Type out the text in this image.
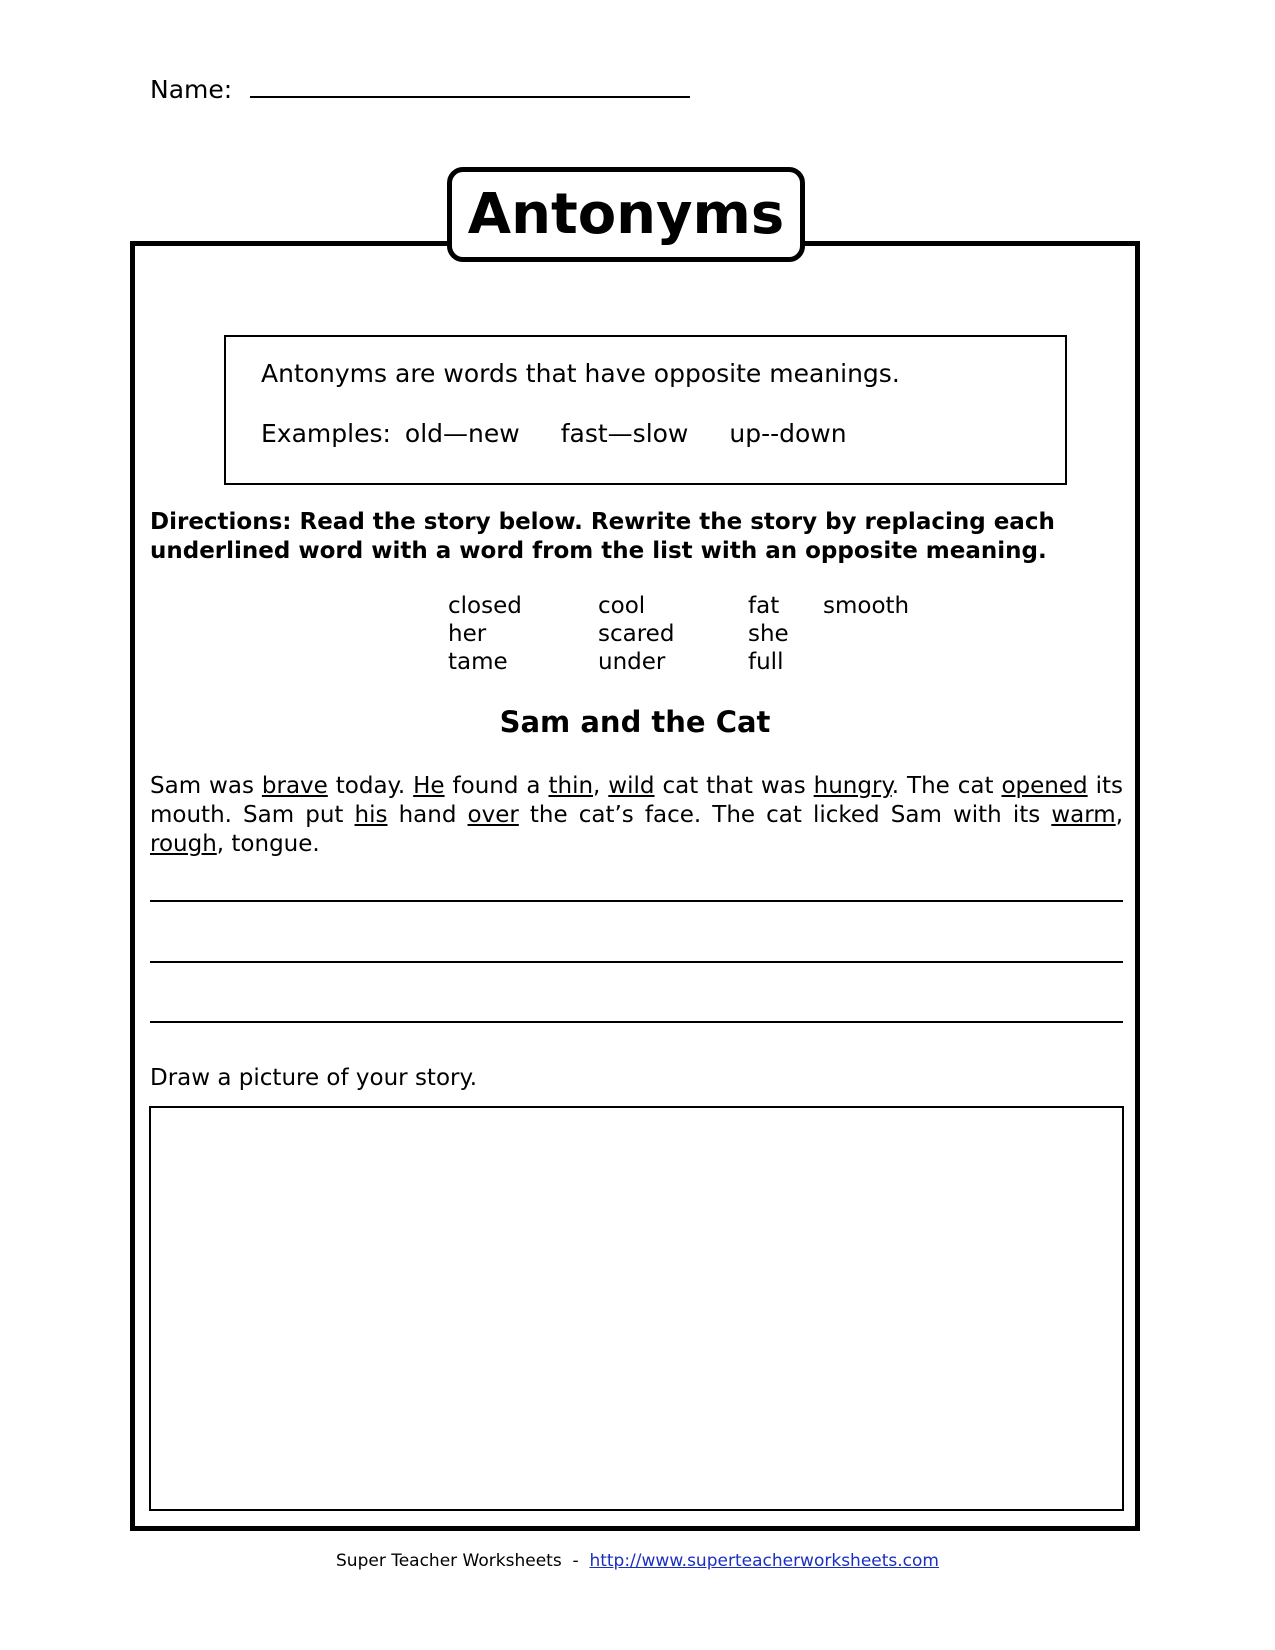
Name:
Antonyms
Antonyms are words that have opposite meanings.
Examples: old—new fast—slow up--down
Directions: Read the story below. Rewrite the story by replacing each underlined word with a word from the list with an opposite meaning.
closed	cool	fat	smooth
her	scared	she
tame	under	full
Sam and the Cat
Sam was brave today. He found a thin, wild cat that was hungry. The cat opened its mouth. Sam put his hand over the cat’s face. The cat licked Sam with its warm, rough, tongue.
Draw a picture of your story.
Super Teacher Worksheets  -  http://www.superteacherworksheets.com
